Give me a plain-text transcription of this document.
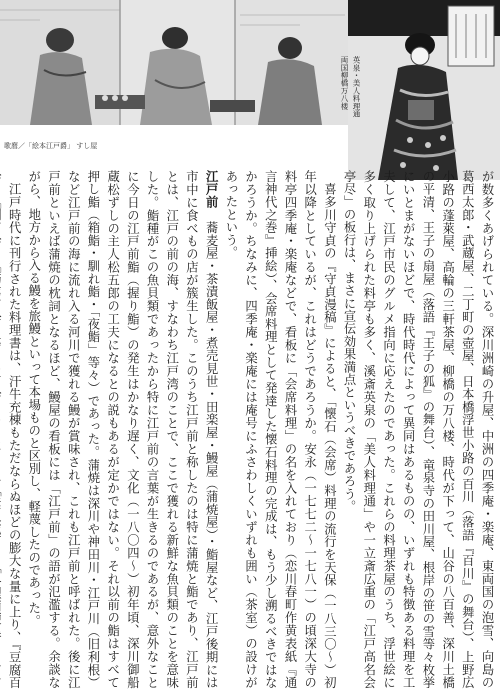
歌麿／「絵本江戸爵」 すし屋
英泉・美人料理通
両国柳橋万八楼

が数多くあげられている。深川洲崎の升屋、中洲の四季庵・楽庵、東両国の泡雪、向島の葛西太郎・武蔵屋、二丁町の壺屋、日本橋浮世小路の百川（落語『百川』の舞台）、上野広小路の蓬萊屋、高輪の三軒茶屋、柳橋の万八楼、時代が下って、山谷の八百善、深川土橋の平清、王子の扇屋（落語『王子の狐』の舞台）、竜泉寺の田川屋、根岸の笹の雪等々枚挙にいとまがないほどで、時代時代によって異同はあるものの、いずれも特徴ある料理を工夫して、江戸市民のグルメ指向に応えたのであった。これらの料理茶屋のうち、浮世絵に多く取り上げられた料亭も多く、溪斎英泉の「美人料理通」や一立斎広重の「江戸高名会亭尽」の板行は、まさに宣伝効果満点というべきであろう。
　喜多川守貞の『守貞漫稿』によると、「懐石（会席）料理の流行を天保（一八三〇〜）初年以降としているが、これはどうであろうか。安永（一七七二〜一七八一）の頃深大寺の料亭四季庵・楽庵などで、看板に「会席料理」の名を入れており（恋川春町作黄表紙『通言神代之巻』挿絵）、会席料理として発達した懐石料理の完成は、もう少し溯るべきではなかろうか。ちなみに、四季庵・楽庵には庵号にふさわしくいずれも囲い（茶室）の設けがあったという。
江戸前　蕎麦屋・茶漬飯屋・煮売見世・田楽屋・鰻屋（蒲焼屋）・鮨屋など、江戸後期には市中に食べもの店が簇生した。このうち江戸前と称したのは特に蒲焼と鮨であり、江戸前とは、江戸の前の海、すなわち江戸湾のことで、ここで獲れる新鮮な魚貝類のことを意味した。鮨種がこの魚貝類であったから特に江戸前の言葉が生きるのであるが、意外なことに今日の江戸前鮨（握り鮨）の発生はかなり遅く、文化（一八〇四〜）初年頃、深川御船蔵松ずしの主人松五郎の工夫になるとの説もあるが定かではない。それ以前の鮨はすべて押し鮨（箱鮨・馴れ鮨・「夜鮨」等々）であった。蒲焼は深川や神田川・江戸川（旧利根）など江戸前の海に流れ入る河川で獲れる鰻が賞味され、これも江戸前と呼ばれた。後に江戸前といえば蒲焼の枕詞となるほど、鰻屋の看板には「江戸前」の語が氾濫する。余談ながら、地方から入る鰻を旅鰻といって本場ものと区別し、軽蔑したのであった。
　江戸時代に刊行された料理書は、汗牛充棟もただならぬほどの膨大な量に上り、『豆腐百
